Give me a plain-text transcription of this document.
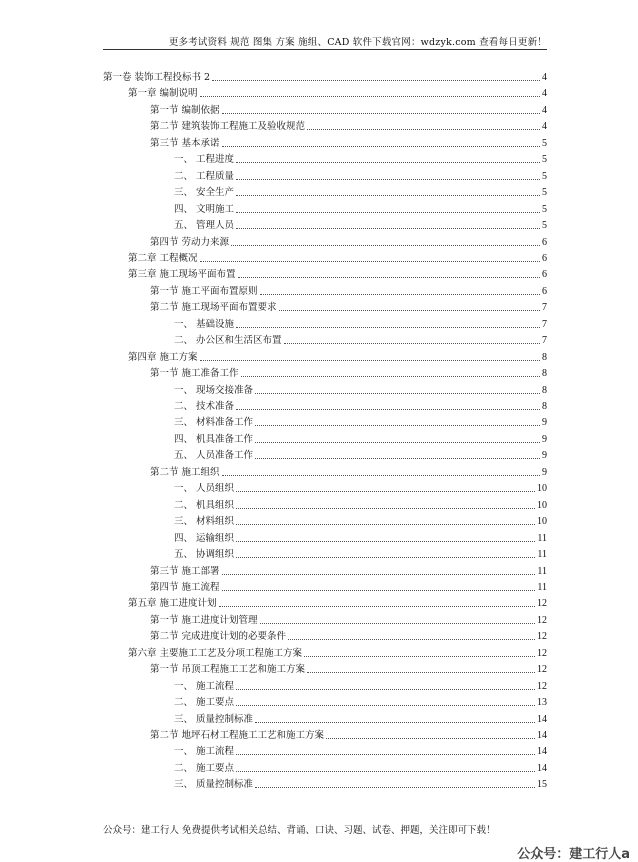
更多考试资料 规范 图集 方案 施组、CAD 软件下载官网：wdzyk.com 查看每日更新！
第一卷 装饰工程投标书 2	4
第一章 编制说明	4
第一节 编制依据	4
第二节 建筑装饰工程施工及验收规范	4
第三节 基本承诺	5
一、 工程进度	5
二、 工程质量	5
三、 安全生产	5
四、 文明施工	5
五、 管理人员	5
第四节 劳动力来源	6
第二章 工程概况	6
第三章 施工现场平面布置	6
第一节 施工平面布置原则	6
第二节 施工现场平面布置要求	7
一、 基础设施	7
二、 办公区和生活区布置	7
第四章 施工方案	8
第一节 施工准备工作	8
一、 现场交接准备	8
二、 技术准备	8
三、 材料准备工作	9
四、 机具准备工作	9
五、 人员准备工作	9
第二节 施工组织	9
一、 人员组织	10
二、 机具组织	10
三、 材料组织	10
四、 运输组织	11
五、 协调组织	11
第三节 施工部署	11
第四节 施工流程	11
第五章 施工进度计划	12
第一节 施工进度计划管理	12
第二节 完成进度计划的必要条件	12
第六章 主要施工工艺及分项工程施工方案	12
第一节 吊顶工程施工工艺和施工方案	12
一、 施工流程	12
二、 施工要点	13
三、 质量控制标准	14
第二节 地坪石材工程施工工艺和施工方案	14
一、 施工流程	14
二、 施工要点	14
三、 质量控制标准	15
公众号：建工行人 免费提供考试相关总结、背诵、口诀、习题、试卷、押题，关注即可下载！
公众号：建工行人a
